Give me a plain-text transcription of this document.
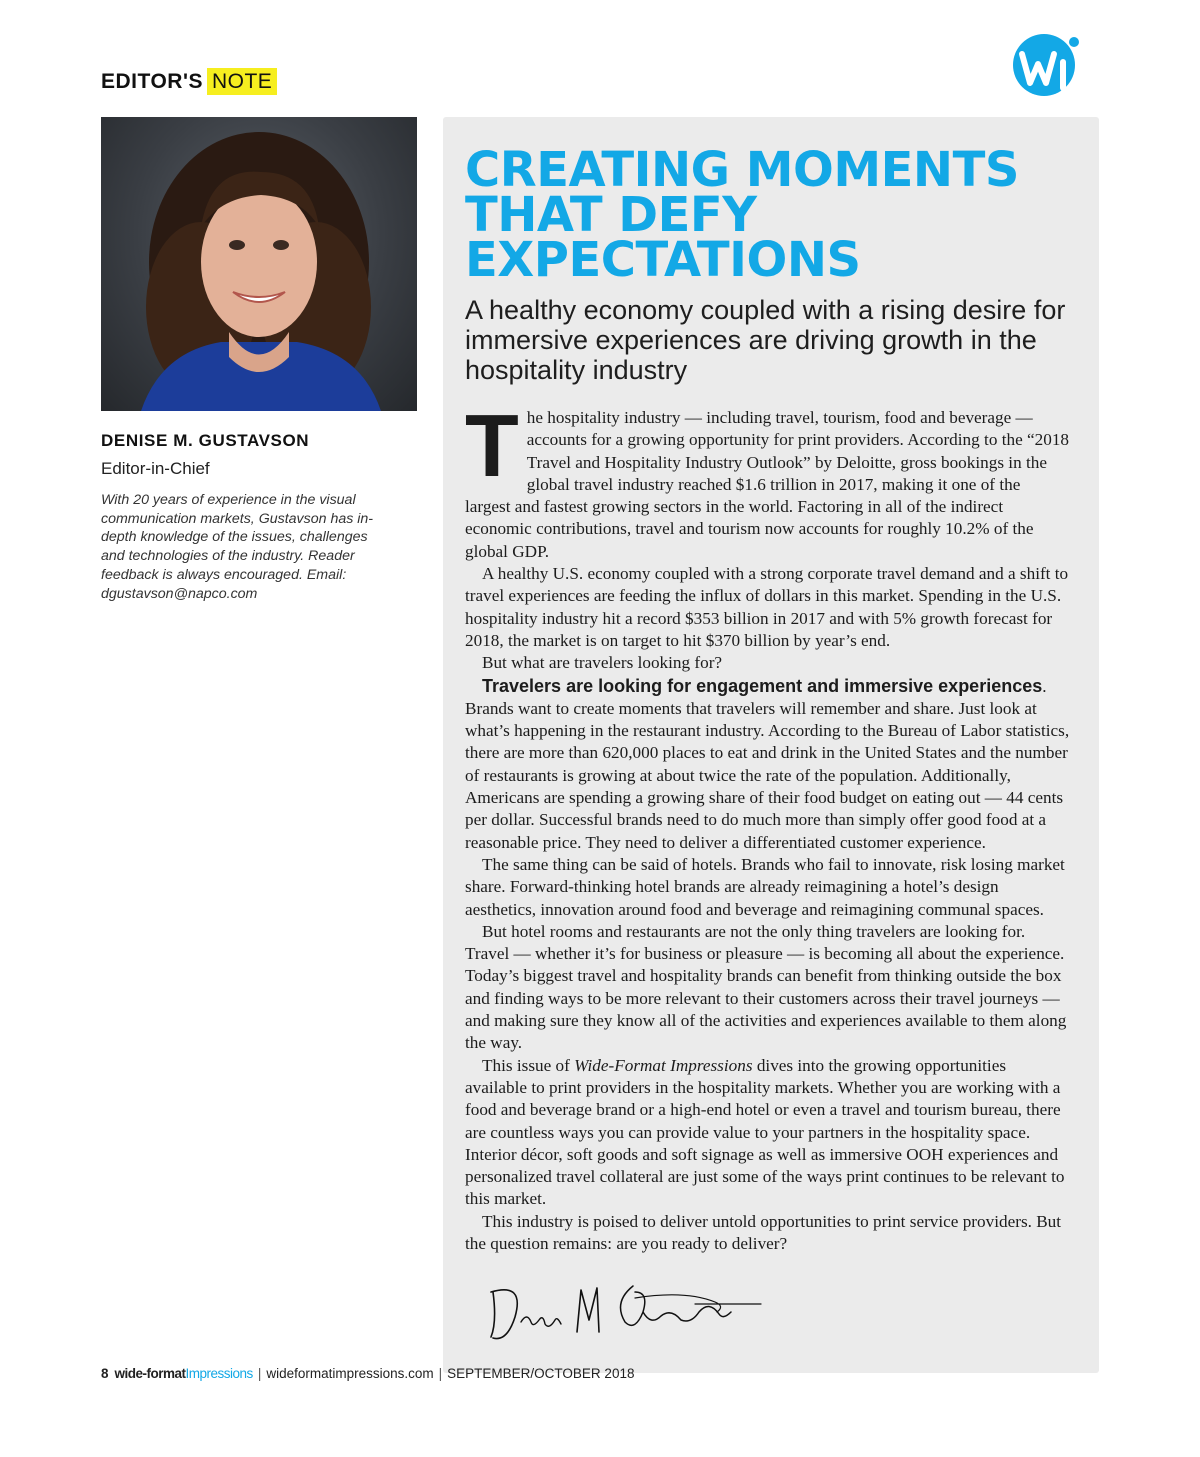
EDITOR'S NOTE
DENISE M. GUSTAVSON
Editor-in-Chief
With 20 years of experience in the visual communication markets, Gustavson has in-depth knowledge of the issues, challenges and technologies of the industry. Reader feedback is always encouraged. Email: dgustavson@napco.com
CREATING MOMENTS THAT DEFY EXPECTATIONS
A healthy economy coupled with a rising desire for immersive experiences are driving growth in the hospitality industry

The hospitality industry — including travel, tourism, food and beverage — accounts for a growing opportunity for print providers. According to the “2018 Travel and Hospitality Industry Outlook” by Deloitte, gross bookings in the global travel industry reached $1.6 trillion in 2017, making it one of the largest and fastest growing sectors in the world. Factoring in all of the indirect economic contributions, travel and tourism now accounts for roughly 10.2% of the global GDP.

A healthy U.S. economy coupled with a strong corporate travel demand and a shift to travel experiences are feeding the influx of dollars in this market. Spending in the U.S. hospitality industry hit a record $353 billion in 2017 and with 5% growth forecast for 2018, the market is on target to hit $370 billion by year’s end.

But what are travelers looking for?

Travelers are looking for engagement and immersive experiences. Brands want to create moments that travelers will remember and share. Just look at what’s happening in the restaurant industry. According to the Bureau of Labor statistics, there are more than 620,000 places to eat and drink in the United States and the number of restaurants is growing at about twice the rate of the population. Additionally, Americans are spending a growing share of their food budget on eating out — 44 cents per dollar. Successful brands need to do much more than simply offer good food at a reasonable price. They need to deliver a differentiated customer experience.

The same thing can be said of hotels. Brands who fail to innovate, risk losing market share. Forward-thinking hotel brands are already reimagining a hotel’s design aesthetics, innovation around food and beverage and reimagining communal spaces.

But hotel rooms and restaurants are not the only thing travelers are looking for. Travel — whether it’s for business or pleasure — is becoming all about the experience. Today’s biggest travel and hospitality brands can benefit from thinking outside the box and finding ways to be more relevant to their customers across their travel journeys — and making sure they know all of the activities and experiences available to them along the way.

This issue of Wide-Format Impressions dives into the growing opportunities available to print providers in the hospitality markets. Whether you are working with a food and beverage brand or a high-end hotel or even a travel and tourism bureau, there are countless ways you can provide value to your partners in the hospitality space. Interior décor, soft goods and soft signage as well as immersive OOH experiences and personalized travel collateral are just some of the ways print continues to be relevant to this market.

This industry is poised to deliver untold opportunities to print service providers. But the question remains: are you ready to deliver?

8 wide-formatImpressions | wideformatimpressions.com | SEPTEMBER/OCTOBER 2018
